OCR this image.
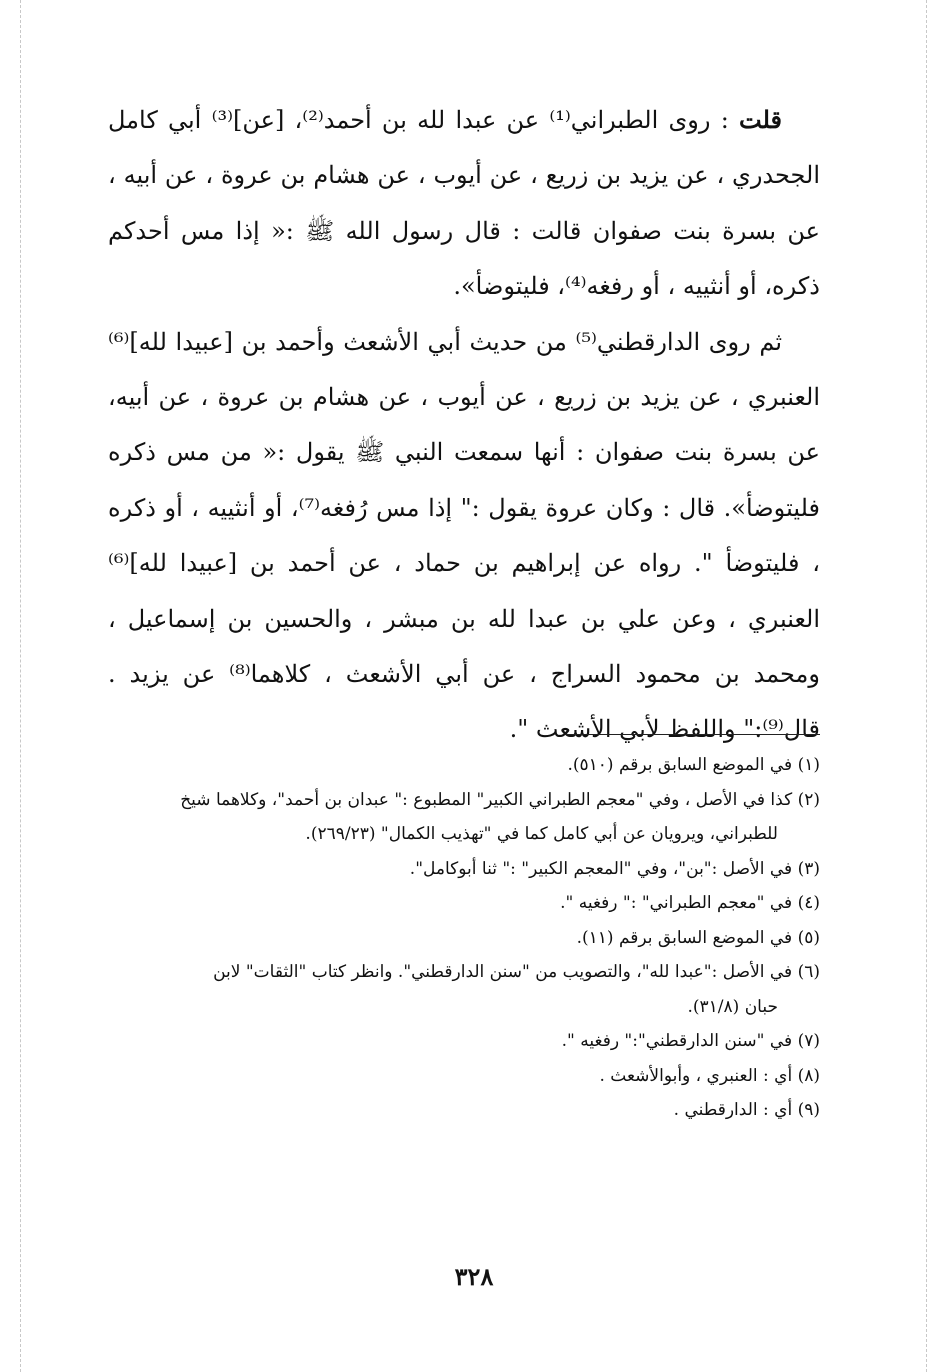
قلت : روى الطبراني⁽¹⁾ عن عبدا لله بن أحمد⁽²⁾، [عن]⁽³⁾ أبي كامل الجحدري ، عن يزيد بن زريع ، عن أيوب ، عن هشام بن عروة ، عن أبيه ، عن بسرة بنت صفوان قالت : قال رسول الله ﷺ :« إذا مس أحدكم ذكره، أو أنثييه ، أو رفغه⁽⁴⁾، فليتوضأ».

ثم روى الدارقطني⁽⁵⁾ من حديث أبي الأشعث وأحمد بن [عبيدا لله]⁽⁶⁾ العنبري ، عن يزيد بن زريع ، عن أيوب ، عن هشام بن عروة ، عن أبيه، عن بسرة بنت صفوان : أنها سمعت النبي ﷺ يقول :« من مس ذكره فليتوضأ». قال : وكان عروة يقول :" إذا مس رُفغه⁽⁷⁾، أو أنثييه ، أو ذكره ، فليتوضأ ". رواه عن إبراهيم بن حماد ، عن أحمد بن [عبيدا لله]⁽⁶⁾ العنبري ، وعن علي بن عبدا لله بن مبشر ، والحسين بن إسماعيل ، ومحمد بن محمود السراج ، عن أبي الأشعث ، كلاهما⁽⁸⁾ عن يزيد . قال⁽⁹⁾:" واللفظ لأبي الأشعث ".

(١) في الموضع السابق برقم (٥١٠).

(٢) كذا في الأصل ، وفي "معجم الطبراني الكبير" المطبوع :" عبدان بن أحمد"، وكلاهما شيخ
للطبراني، ويرويان عن أبي كامل كما في "تهذيب الكمال" (٢٦٩/٢٣).

(٣) في الأصل :"بن"، وفي "المعجم الكبير" :" ثنا أبوكامل".

(٤) في "معجم الطبراني" :" رفغيه ".

(٥) في الموضع السابق برقم (١١).

(٦) في الأصل :"عبدا لله"، والتصويب من "سنن الدارقطني". وانظر كتاب "الثقات" لابن
حبان (٣١/٨).

(٧) في "سنن الدارقطني":" رفغيه ".

(٨) أي : العنبري ، وأبوالأشعث .

(٩) أي : الدارقطني .

٣٢٨
